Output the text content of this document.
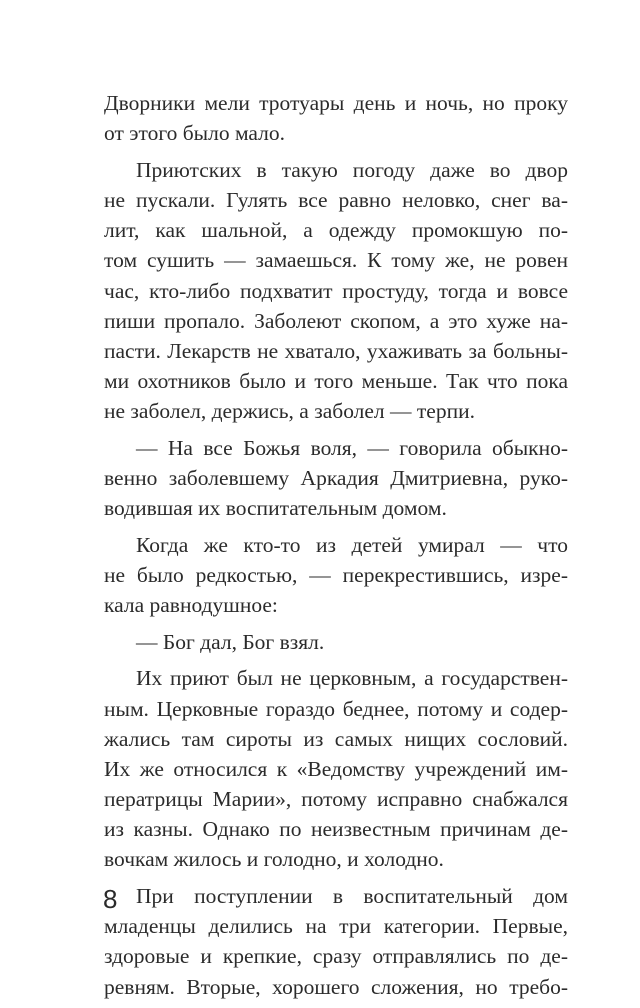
Дворники мели тротуары день и ночь, но проку
от этого было мало.
Приютских в такую погоду даже во двор
не пускали. Гулять все равно неловко, снег ва-
лит, как шальной, а одежду промокшую по-
том сушить — замаешься. К тому же, не ровен
час, кто-либо подхватит простуду, тогда и вовсе
пиши пропало. Заболеют скопом, а это хуже на-
пасти. Лекарств не хватало, ухаживать за больны-
ми охотников было и того меньше. Так что пока
не заболел, держись, а заболел — терпи.
— На все Божья воля, — говорила обыкно-
венно заболевшему Аркадия Дмитриевна, руко-
водившая их воспитательным домом.
Когда же кто-то из детей умирал — что
не было редкостью, — перекрестившись, изре-
кала равнодушное:
— Бог дал, Бог взял.
Их приют был не церковным, а государствен-
ным. Церковные гораздо беднее, потому и содер-
жались там сироты из самых нищих сословий.
Их же относился к «Ведомству учреждений им-
ператрицы Марии», потому исправно снабжался
из казны. Однако по неизвестным причинам де-
вочкам жилось и голодно, и холодно.
При поступлении в воспитательный дом
младенцы делились на три категории. Первые,
здоровые и крепкие, сразу отправлялись по де-
ревням. Вторые, хорошего сложения, но требо-
8
